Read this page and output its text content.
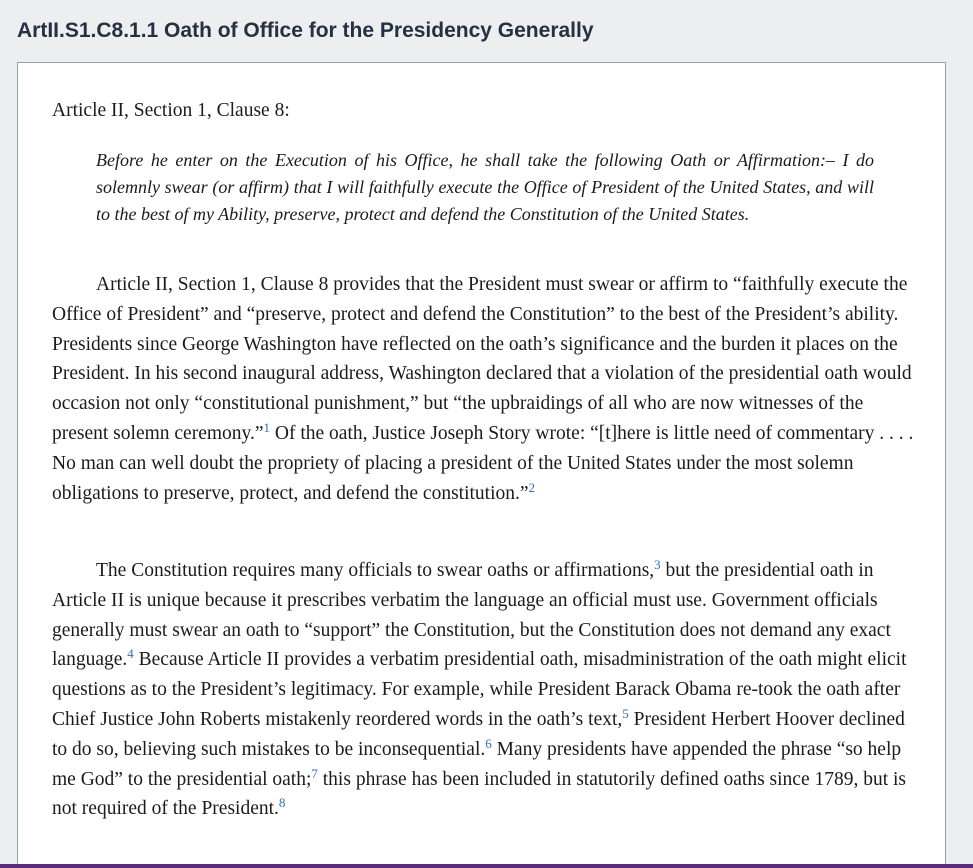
ArtII.S1.C8.1.1 Oath of Office for the Presidency Generally

Article II, Section 1, Clause 8:

Before he enter on the Execution of his Office, he shall take the following Oath or Affirmation:– I do solemnly swear (or affirm) that I will faithfully execute the Office of President of the United States, and will to the best of my Ability, preserve, protect and defend the Constitution of the United States.

Article II, Section 1, Clause 8 provides that the President must swear or affirm to “faithfully execute the Office of President” and “preserve, protect and defend the Constitution” to the best of the President’s ability. Presidents since George Washington have reflected on the oath’s significance and the burden it places on the President. In his second inaugural address, Washington declared that a violation of the presidential oath would occasion not only “constitutional punishment,” but “the upbraidings of all who are now witnesses of the present solemn ceremony.”$^1$ Of the oath, Justice Joseph Story wrote: “[t]here is little need of commentary . . . . No man can well doubt the propriety of placing a president of the United States under the most solemn obligations to preserve, protect, and defend the constitution.”$^2$

The Constitution requires many officials to swear oaths or affirmations,$^3$ but the presidential oath in Article II is unique because it prescribes verbatim the language an official must use. Government officials generally must swear an oath to “support” the Constitution, but the Constitution does not demand any exact language.$^4$ Because Article II provides a verbatim presidential oath, misadministration of the oath might elicit questions as to the President’s legitimacy. For example, while President Barack Obama re-took the oath after Chief Justice John Roberts mistakenly reordered words in the oath’s text,$^5$ President Herbert Hoover declined to do so, believing such mistakes to be inconsequential.$^6$ Many presidents have appended the phrase “so help me God” to the presidential oath;$^7$ this phrase has been included in statutorily defined oaths since 1789, but is not required of the President.$^8$
